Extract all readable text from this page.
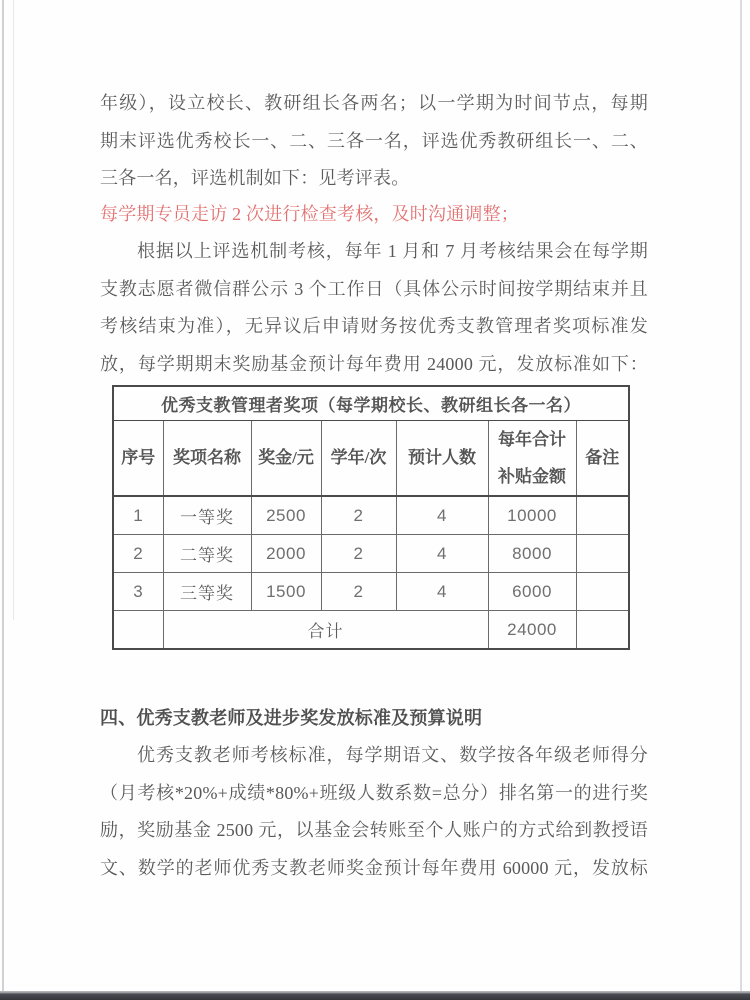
年级），设立校长、教研组长各两名；以一学期为时间节点，每期
期末评选优秀校长一、二、三各一名，评选优秀教研组长一、二、
三各一名，评选机制如下：见考评表。
每学期专员走访 2 次进行检查考核，及时沟通调整；
根据以上评选机制考核，每年 1 月和 7 月考核结果会在每学期
支教志愿者微信群公示 3 个工作日（具体公示时间按学期结束并且
考核结束为准），无异议后申请财务按优秀支教管理者奖项标准发
放，每学期期末奖励基金预计每年费用 24000 元，发放标准如下：
优秀支教管理者奖项（每学期校长、教研组长各一名）						
序号	奖项名称	奖金/元	学年/次	预计人数	每年合计补贴金额	备注
1	一等奖	2500	2	4	10000	
2	二等奖	2000	2	4	8000	
3	三等奖	1500	2	4	6000	
	合计				24000	
四、优秀支教老师及进步奖发放标准及预算说明
优秀支教老师考核标准，每学期语文、数学按各年级老师得分
（月考核*20%+成绩*80%+班级人数系数=总分）排名第一的进行奖
励，奖励基金 2500 元，以基金会转账至个人账户的方式给到教授语
文、数学的老师优秀支教老师奖金预计每年费用 60000 元，发放标
